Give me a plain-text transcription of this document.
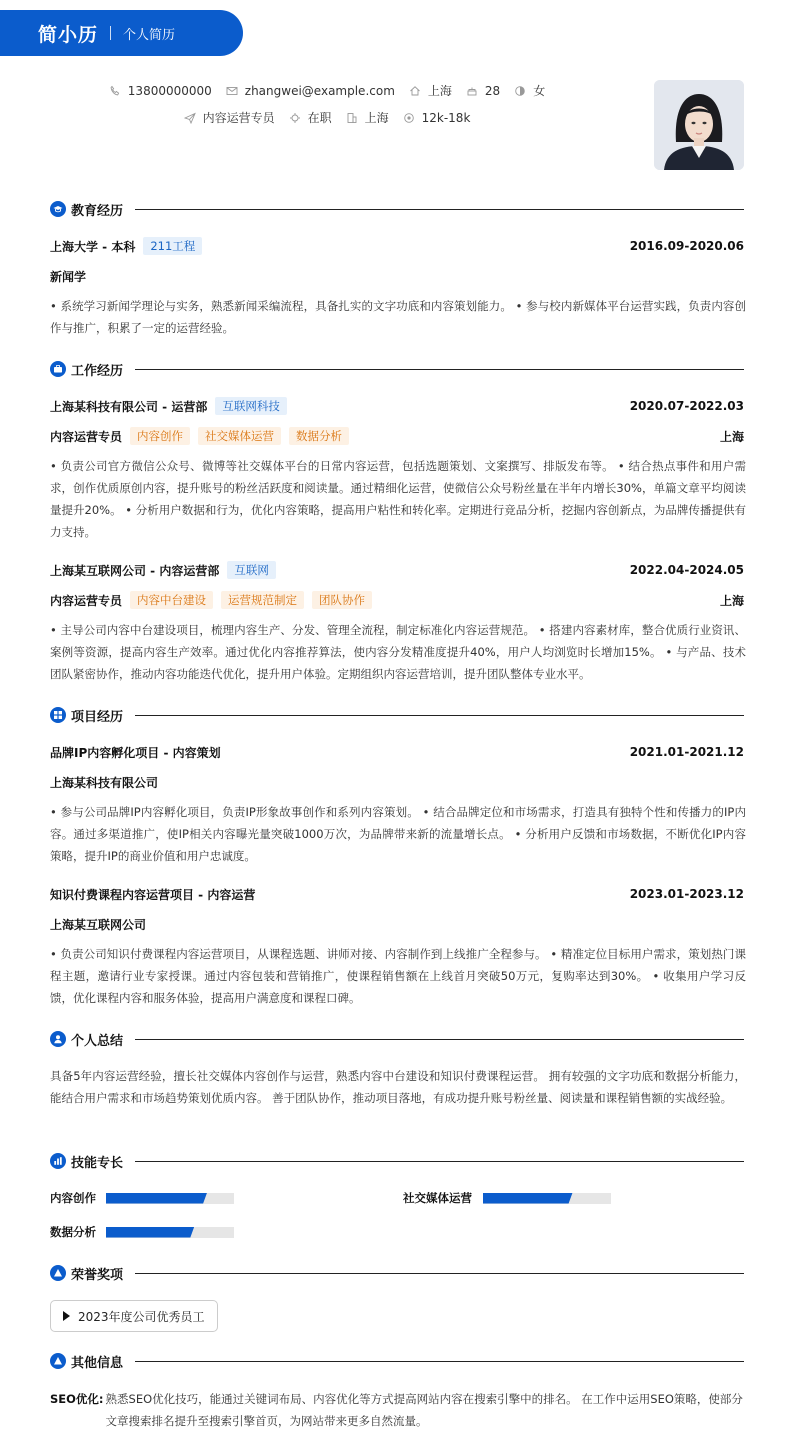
简小历 个人简历
13800000000	zhangwei@example.com	上海	28	女
内容运营专员	在职	上海	12k-18k
教育经历
上海大学 - 本科	211工程	2016.09-2020.06
新闻学

• 系统学习新闻学理论与实务，熟悉新闻采编流程，具备扎实的文字功底和内容策划能力。 • 参与校内新媒体平台运营实践，负责内容创作与推广，积累了一定的运营经验。

工作经历
上海某科技有限公司 - 运营部	互联网科技	2020.07-2022.03
内容运营专员	内容创作	社交媒体运营	数据分析	上海

• 负责公司官方微信公众号、微博等社交媒体平台的日常内容运营，包括选题策划、文案撰写、排版发布等。 • 结合热点事件和用户需求，创作优质原创内容，提升账号的粉丝活跃度和阅读量。通过精细化运营，使微信公众号粉丝量在半年内增长30%，单篇文章平均阅读量提升20%。 • 分析用户数据和行为，优化内容策略，提高用户粘性和转化率。定期进行竞品分析，挖掘内容创新点，为品牌传播提供有力支持。

上海某互联网公司 - 内容运营部	互联网	2022.04-2024.05
内容运营专员	内容中台建设	运营规范制定	团队协作	上海

• 主导公司内容中台建设项目，梳理内容生产、分发、管理全流程，制定标准化内容运营规范。 • 搭建内容素材库，整合优质行业资讯、案例等资源，提高内容生产效率。通过优化内容推荐算法，使内容分发精准度提升40%，用户人均浏览时长增加15%。 • 与产品、技术团队紧密协作，推动内容功能迭代优化，提升用户体验。定期组织内容运营培训，提升团队整体专业水平。

项目经历
品牌IP内容孵化项目 - 内容策划	2021.01-2021.12
上海某科技有限公司

• 参与公司品牌IP内容孵化项目，负责IP形象故事创作和系列内容策划。 • 结合品牌定位和市场需求，打造具有独特个性和传播力的IP内容。通过多渠道推广，使IP相关内容曝光量突破1000万次，为品牌带来新的流量增长点。 • 分析用户反馈和市场数据，不断优化IP内容策略，提升IP的商业价值和用户忠诚度。

知识付费课程内容运营项目 - 内容运营	2023.01-2023.12
上海某互联网公司

• 负责公司知识付费课程内容运营项目，从课程选题、讲师对接、内容制作到上线推广全程参与。 • 精准定位目标用户需求，策划热门课程主题，邀请行业专家授课。通过内容包装和营销推广，使课程销售额在上线首月突破50万元，复购率达到30%。 • 收集用户学习反馈，优化课程内容和服务体验，提高用户满意度和课程口碑。

个人总结

具备5年内容运营经验，擅长社交媒体内容创作与运营，熟悉内容中台建设和知识付费课程运营。 拥有较强的文字功底和数据分析能力，能结合用户需求和市场趋势策划优质内容。 善于团队协作，推动项目落地，有成功提升账号粉丝量、阅读量和课程销售额的实战经验。

技能专长
内容创作	社交媒体运营
数据分析
荣誉奖项
2023年度公司优秀员工
其他信息
SEO优化: 熟悉SEO优化技巧，能通过关键词布局、内容优化等方式提高网站内容在搜索引擎中的排名。 在工作中运用SEO策略，使部分文章搜索排名提升至搜索引擎首页，为网站带来更多自然流量。
